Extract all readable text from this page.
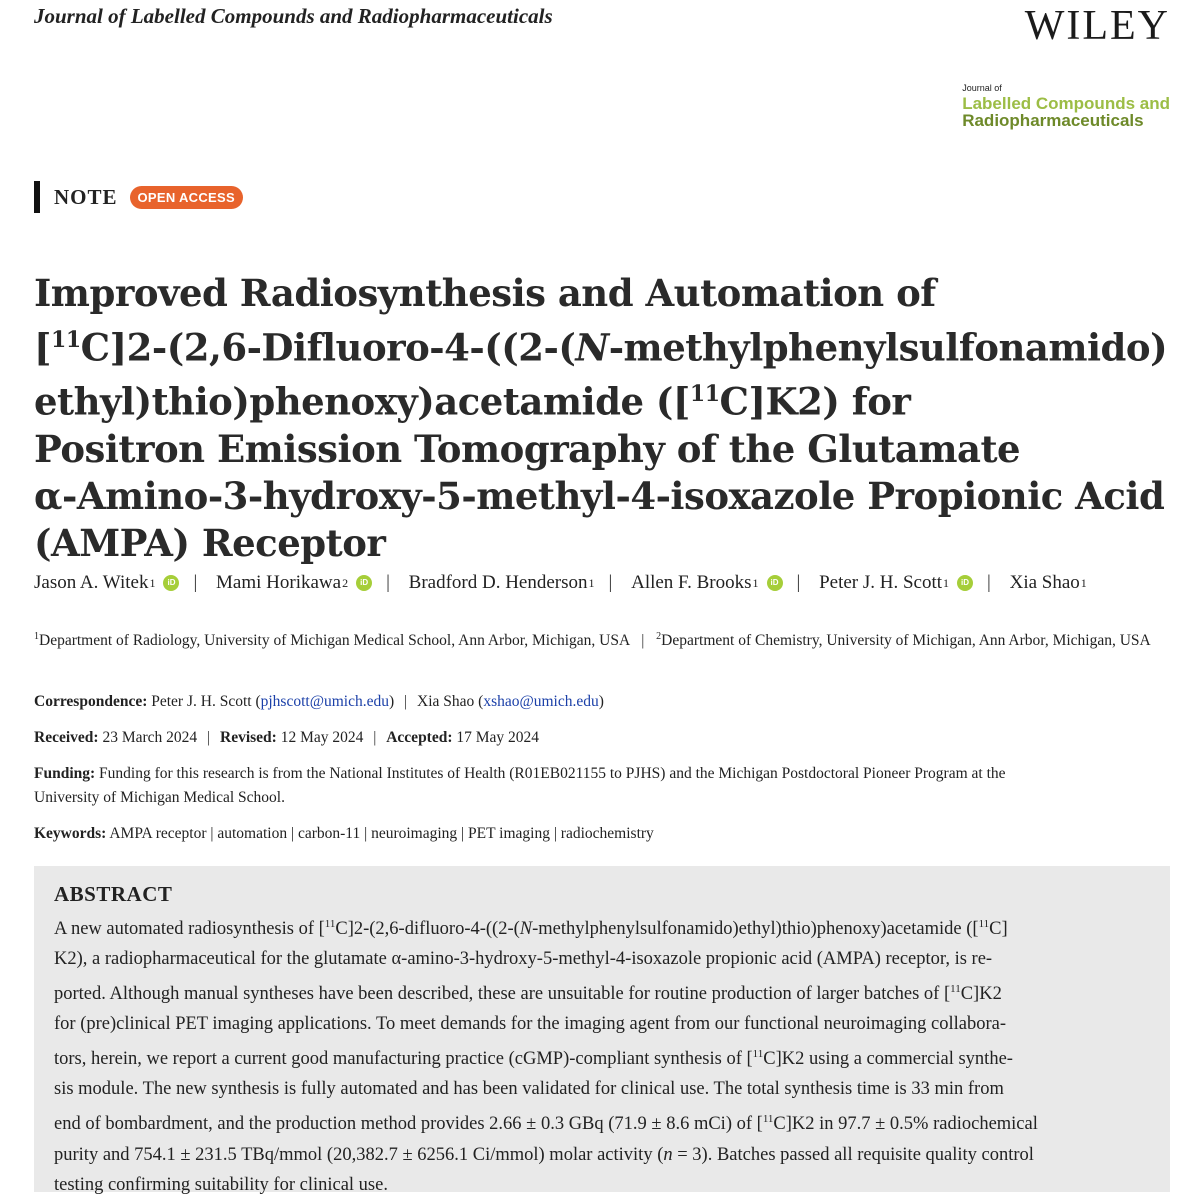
Journal of Labelled Compounds and Radiopharmaceuticals	WILEY
Journal of
Labelled Compounds and
Radiopharmaceuticals
NOTE	OPEN ACCESS
Improved Radiosynthesis and Automation of
[$^{11}$C]2-(2,6-Difluoro-4-((2-(N-methylphenylsulfonamido)
ethyl)thio)phenoxy)acetamide ([$^{11}$C]K2) for
Positron Emission Tomography of the Glutamate
α-Amino-3-hydroxy-5-methyl-4-isoxazole Propionic Acid
(AMPA) Receptor
Jason A. Witek 1	iD | Mami Horikawa 2	iD | Bradford D. Henderson 1 | Allen F. Brooks 1	iD | Peter J. H. Scott 1	iD | Xia Shao 1
$^1$Department of Radiology, University of Michigan Medical School, Ann Arbor, Michigan, USA | $^2$Department of Chemistry, University of Michigan, Ann Arbor, Michigan, USA
Correspondence: Peter J. H. Scott (pjhscott@umich.edu) | Xia Shao (xshao@umich.edu)
Received: 23 March 2024 | Revised: 12 May 2024 | Accepted: 17 May 2024
Funding: Funding for this research is from the National Institutes of Health (R01EB021155 to PJHS) and the Michigan Postdoctoral Pioneer Program at the
University of Michigan Medical School.
Keywords: AMPA receptor | automation | carbon-11 | neuroimaging | PET imaging | radiochemistry
ABSTRACT
A new automated radiosynthesis of [$^{11}$C]2-(2,6-difluoro-4-((2-(N-methylphenylsulfonamido)ethyl)thio)phenoxy)acetamide ([$^{11}$C]
K2), a radiopharmaceutical for the glutamate α-amino-3-hydroxy-5-methyl-4-isoxazole propionic acid (AMPA) receptor, is re-
ported. Although manual syntheses have been described, these are unsuitable for routine production of larger batches of [$^{11}$C]K2
for (pre)clinical PET imaging applications. To meet demands for the imaging agent from our functional neuroimaging collabora-
tors, herein, we report a current good manufacturing practice (cGMP)-compliant synthesis of [$^{11}$C]K2 using a commercial synthe-
sis module. The new synthesis is fully automated and has been validated for clinical use. The total synthesis time is 33 min from
end of bombardment, and the production method provides 2.66 ± 0.3 GBq (71.9 ± 8.6 mCi) of [$^{11}$C]K2 in 97.7 ± 0.5% radiochemical
purity and 754.1 ± 231.5 TBq/mmol (20,382.7 ± 6256.1 Ci/mmol) molar activity (n = 3). Batches passed all requisite quality control
testing confirming suitability for clinical use.
